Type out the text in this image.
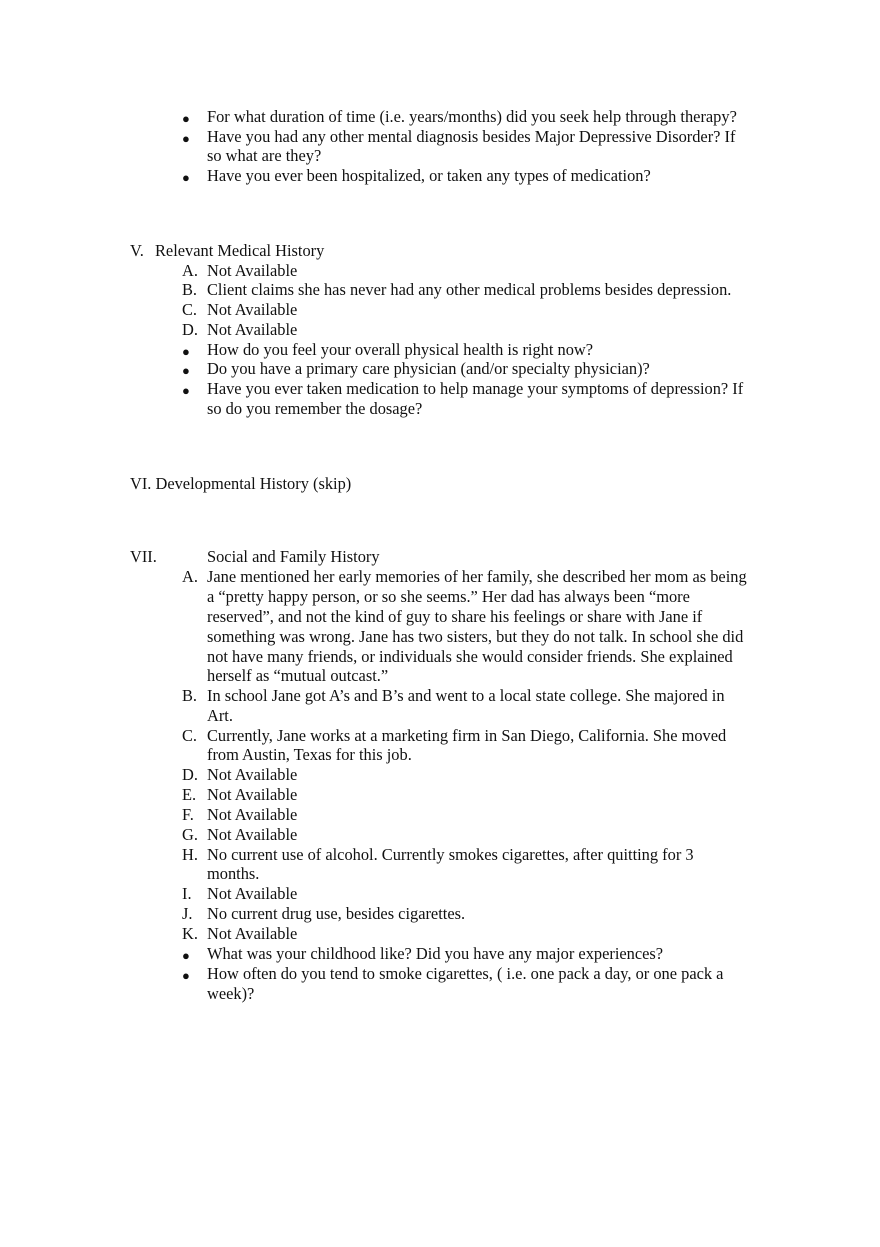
● For what duration of time (i.e. years/months) did you seek help through therapy?
● Have you had any other mental diagnosis besides Major Depressive Disorder? If
so what are they?
● Have you ever been hospitalized, or taken any types of medication?
V. Relevant Medical History
A. Not Available
B. Client claims she has never had any other medical problems besides depression.
C. Not Available
D. Not Available
● How do you feel your overall physical health is right now?
● Do you have a primary care physician (and/or specialty physician)?
● Have you ever taken medication to help manage your symptoms of depression? If
so do you remember the dosage?
VI. Developmental History (skip)
VII.	Social and Family History
A. Jane mentioned her early memories of her family, she described her mom as being
a “pretty happy person, or so she seems.” Her dad has always been “more
reserved”, and not the kind of guy to share his feelings or share with Jane if
something was wrong. Jane has two sisters, but they do not talk. In school she did
not have many friends, or individuals she would consider friends. She explained
herself as “mutual outcast.”
B. In school Jane got A’s and B’s and went to a local state college. She majored in
Art.
C. Currently, Jane works at a marketing firm in San Diego, California. She moved
from Austin, Texas for this job.
D. Not Available
E. Not Available
F. Not Available
G. Not Available
H. No current use of alcohol. Currently smokes cigarettes, after quitting for 3
months.
I. Not Available
J. No current drug use, besides cigarettes.
K. Not Available
● What was your childhood like? Did you have any major experiences?
● How often do you tend to smoke cigarettes, ( i.e. one pack a day, or one pack a
week)?
